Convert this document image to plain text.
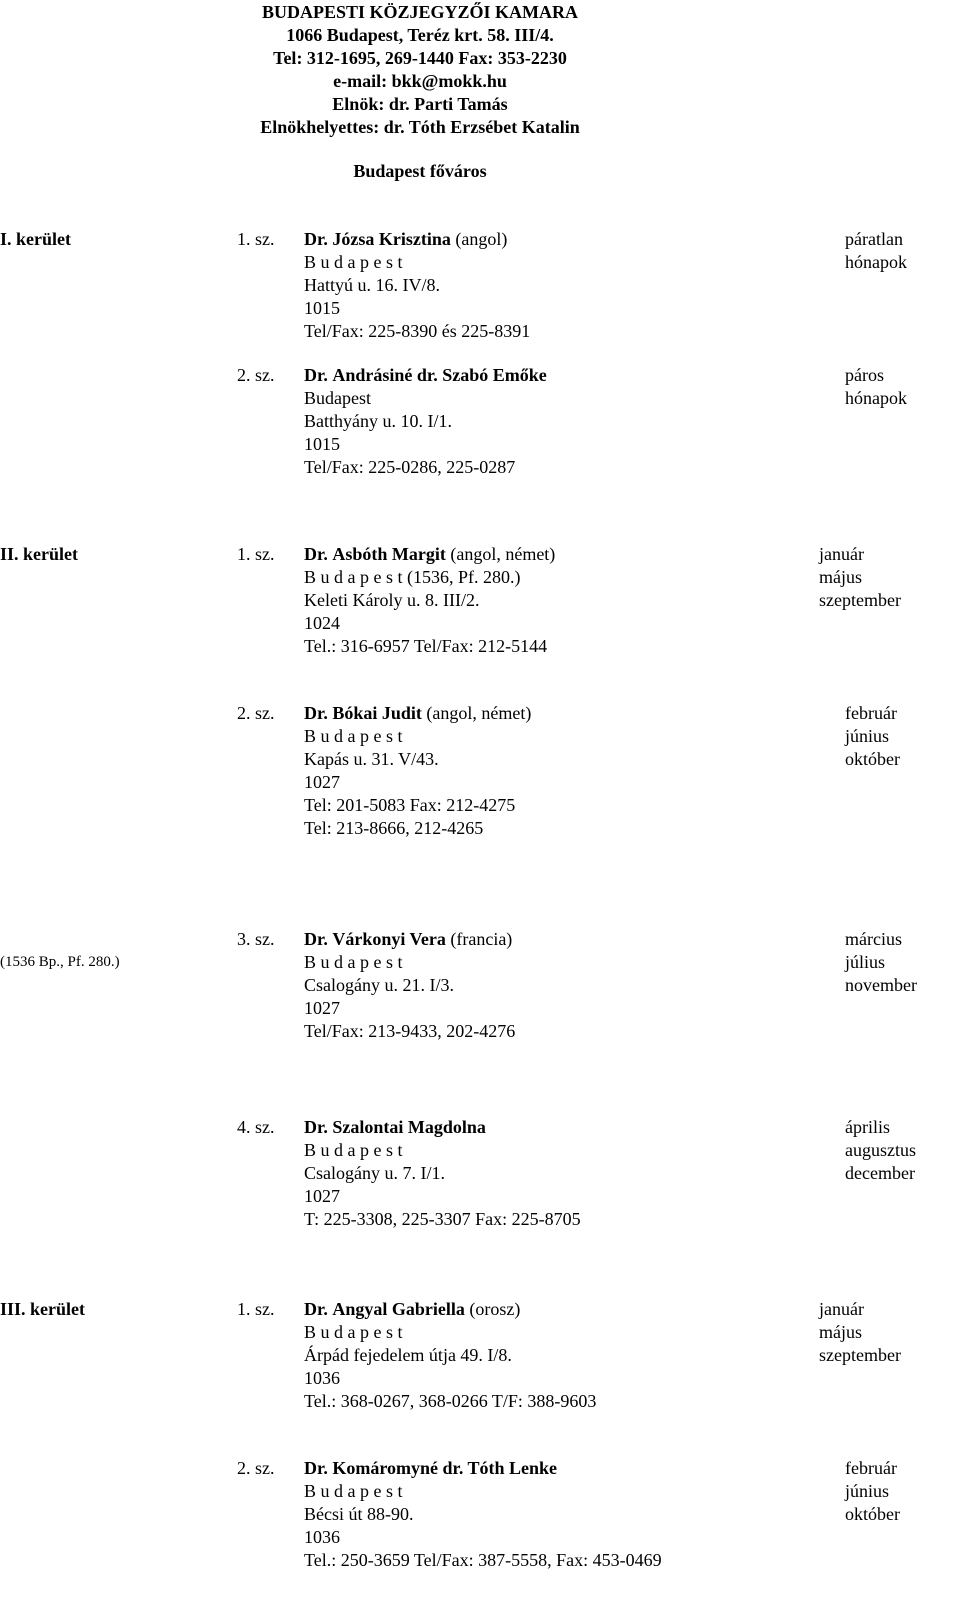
BUDAPESTI KÖZJEGYZŐI KAMARA
1066 Budapest, Teréz krt. 58. III/4.
Tel: 312-1695, 269-1440 Fax: 353-2230
e-mail: bkk@mokk.hu
Elnök: dr. Parti Tamás
Elnökhelyettes: dr. Tóth Erzsébet Katalin
Budapest főváros
I. kerület
II. kerület
(1536 Bp., Pf. 280.)
III. kerület
1. sz. Dr. Józsa Krisztina (angol)
B u d a p e s t
Hattyú u. 16. IV/8.
1015
Tel/Fax: 225-8390 és 225-8391
páratlan
hónapok
2. sz. Dr. Andrásiné dr. Szabó Emőke
Budapest
Batthyány u. 10. I/1.
1015
Tel/Fax: 225-0286, 225-0287
páros
hónapok
1. sz. Dr. Asbóth Margit (angol, német)
B u d a p e s t (1536, Pf. 280.)
Keleti Károly u. 8. III/2.
1024
Tel.: 316-6957 Tel/Fax: 212-5144
január
május
szeptember
2. sz. Dr. Bókai Judit (angol, német)
B u d a p e s t
Kapás u. 31. V/43.
1027
Tel: 201-5083 Fax: 212-4275
Tel: 213-8666, 212-4265
február
június
október
3. sz. Dr. Várkonyi Vera (francia)
B u d a p e s t
Csalogány u. 21. I/3.
1027
Tel/Fax: 213-9433, 202-4276
március
július
november
4. sz. Dr. Szalontai Magdolna
B u d a p e s t
Csalogány u. 7. I/1.
1027
T: 225-3308, 225-3307 Fax: 225-8705
április
augusztus
december
1. sz. Dr. Angyal Gabriella (orosz)
B u d a p e s t
Árpád fejedelem útja 49. I/8.
1036
Tel.: 368-0267, 368-0266 T/F: 388-9603
január
május
szeptember
2. sz. Dr. Komáromyné dr. Tóth Lenke
B u d a p e s t
Bécsi út 88-90.
1036
Tel.: 250-3659 Tel/Fax: 387-5558, Fax: 453-0469
február
június
október
